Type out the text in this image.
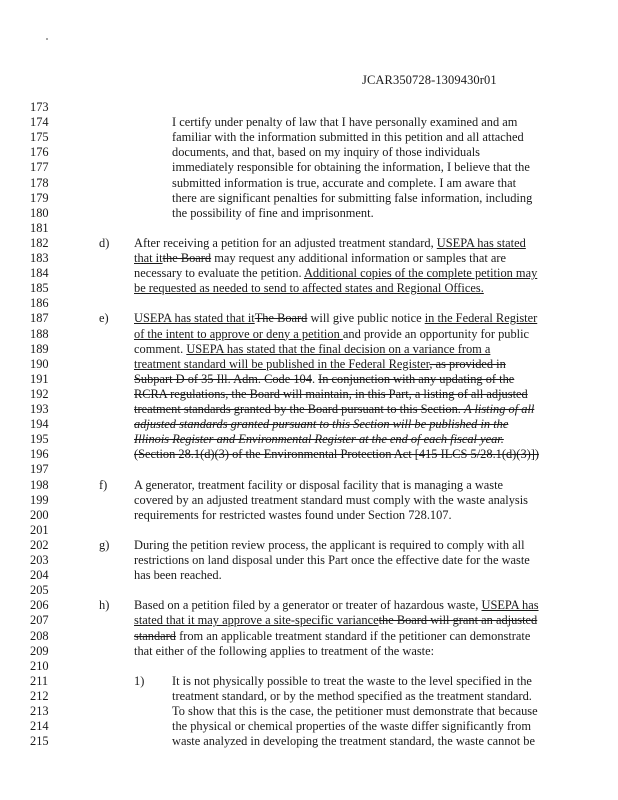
JCAR350728-1309430r01
173
174	I certify under penalty of law that I have personally examined and am
175	familiar with the information submitted in this petition and all attached
176	documents, and that, based on my inquiry of those individuals
177	immediately responsible for obtaining the information, I believe that the
178	submitted information is true, accurate and complete. I am aware that
179	there are significant penalties for submitting false information, including
180	the possibility of fine and imprisonment.
181
182	d) After receiving a petition for an adjusted treatment standard, USEPA has stated
183	that itthe Board may request any additional information or samples that are
184	necessary to evaluate the petition. Additional copies of the complete petition may
185	be requested as needed to send to affected states and Regional Offices.
186
187	e) USEPA has stated that itThe Board will give public notice in the Federal Register
188	of the intent to approve or deny a petition and provide an opportunity for public
189	comment. USEPA has stated that the final decision on a variance from a
190	treatment standard will be published in the Federal Register, as provided in
191	Subpart D of 35 Ill. Adm. Code 104. In conjunction with any updating of the
192	RCRA regulations, the Board will maintain, in this Part, a listing of all adjusted
193	treatment standards granted by the Board pursuant to this Section. A listing of all
194	adjusted standards granted pursuant to this Section will be published in the
195	Illinois Register and Environmental Register at the end of each fiscal year.
196	(Section 28.1(d)(3) of the Environmental Protection Act [415 ILCS 5/28.1(d)(3)])
197
198	f) A generator, treatment facility or disposal facility that is managing a waste
199	covered by an adjusted treatment standard must comply with the waste analysis
200	requirements for restricted wastes found under Section 728.107.
201
202	g) During the petition review process, the applicant is required to comply with all
203	restrictions on land disposal under this Part once the effective date for the waste
204	has been reached.
205
206	h) Based on a petition filed by a generator or treater of hazardous waste, USEPA has
207	stated that it may approve a site-specific variancethe Board will grant an adjusted
208	standard from an applicable treatment standard if the petitioner can demonstrate
209	that either of the following applies to treatment of the waste:
210
211	1) It is not physically possible to treat the waste to the level specified in the
212	treatment standard, or by the method specified as the treatment standard.
213	To show that this is the case, the petitioner must demonstrate that because
214	the physical or chemical properties of the waste differ significantly from
215	waste analyzed in developing the treatment standard, the waste cannot be
